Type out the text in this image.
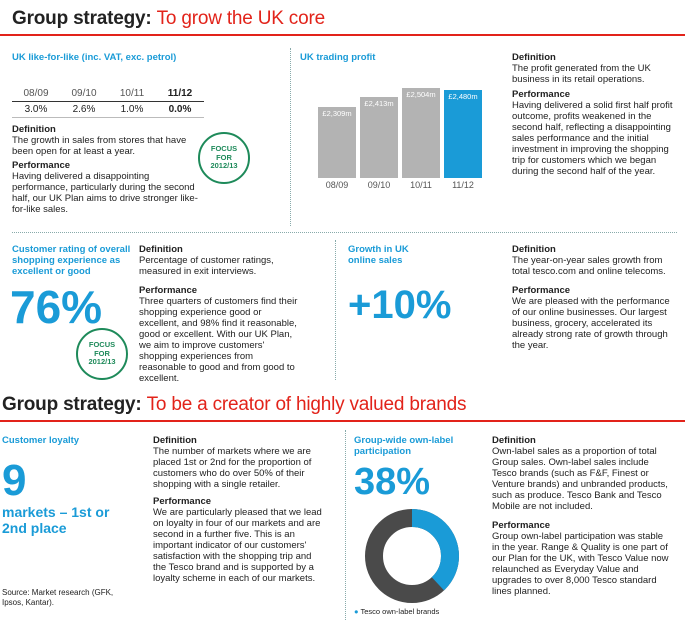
Group strategy: To grow the UK core
UK like-for-like (inc. VAT, exc. petrol)
08/09	09/10	10/11	11/12
3.0%	2.6%	1.0%	0.0%
Definition
The growth in sales from stores that have been open for at least a year.
Performance
Having delivered a disappointing performance, particularly during the second half, our UK Plan aims to drive stronger like-for-like sales.
FOCUS
FOR
2012/13
UK trading profit
£2,309m
£2,413m
£2,504m	£2,480m
08/09	09/10	10/11	11/12
Definition
The profit generated from the UK business in its retail operations.
Performance
Having delivered a solid first half profit outcome, profits weakened in the second half, reflecting a disappointing sales performance and the initial investment in improving the shopping trip for customers which we began during the second half of the year.
Customer rating of overall shopping experience as excellent or good
76%
FOCUS
FOR
2012/13
Definition
Percentage of customer ratings, measured in exit interviews.
Performance
Three quarters of customers find their shopping experience good or excellent, and 98% find it reasonable, good or excellent. With our UK Plan, we aim to improve customers' shopping experiences from reasonable to good and from good to excellent.
Growth in UK online sales
+10%
Definition
The year-on-year sales growth from total tesco.com and online telecoms.
Performance
We are pleased with the performance of our online businesses. Our largest business, grocery, accelerated its already strong rate of growth through the year.
Group strategy: To be a creator of highly valued brands
Customer loyalty
9
markets – 1st or 2nd place
Source: Market research (GFK, Ipsos, Kantar).
Definition
The number of markets where we are placed 1st or 2nd for the proportion of customers who do over 50% of their shopping with a single retailer.
Performance
We are particularly pleased that we lead on loyalty in four of our markets and are second in a further five. This is an important indicator of our customers' satisfaction with the shopping trip and the Tesco brand and is supported by a loyalty scheme in each of our markets.
Group-wide own-label participation
38%
● Tesco own-label brands
Definition
Own-label sales as a proportion of total Group sales. Own-label sales include Tesco brands (such as F&F, Finest or Venture brands) and unbranded products, such as produce. Tesco Bank and Tesco Mobile are not included.
Performance
Group own-label participation was stable in the year. Range & Quality is one part of our Plan for the UK, with Tesco Value now relaunched as Everyday Value and upgrades to over 8,000 Tesco standard lines planned.
